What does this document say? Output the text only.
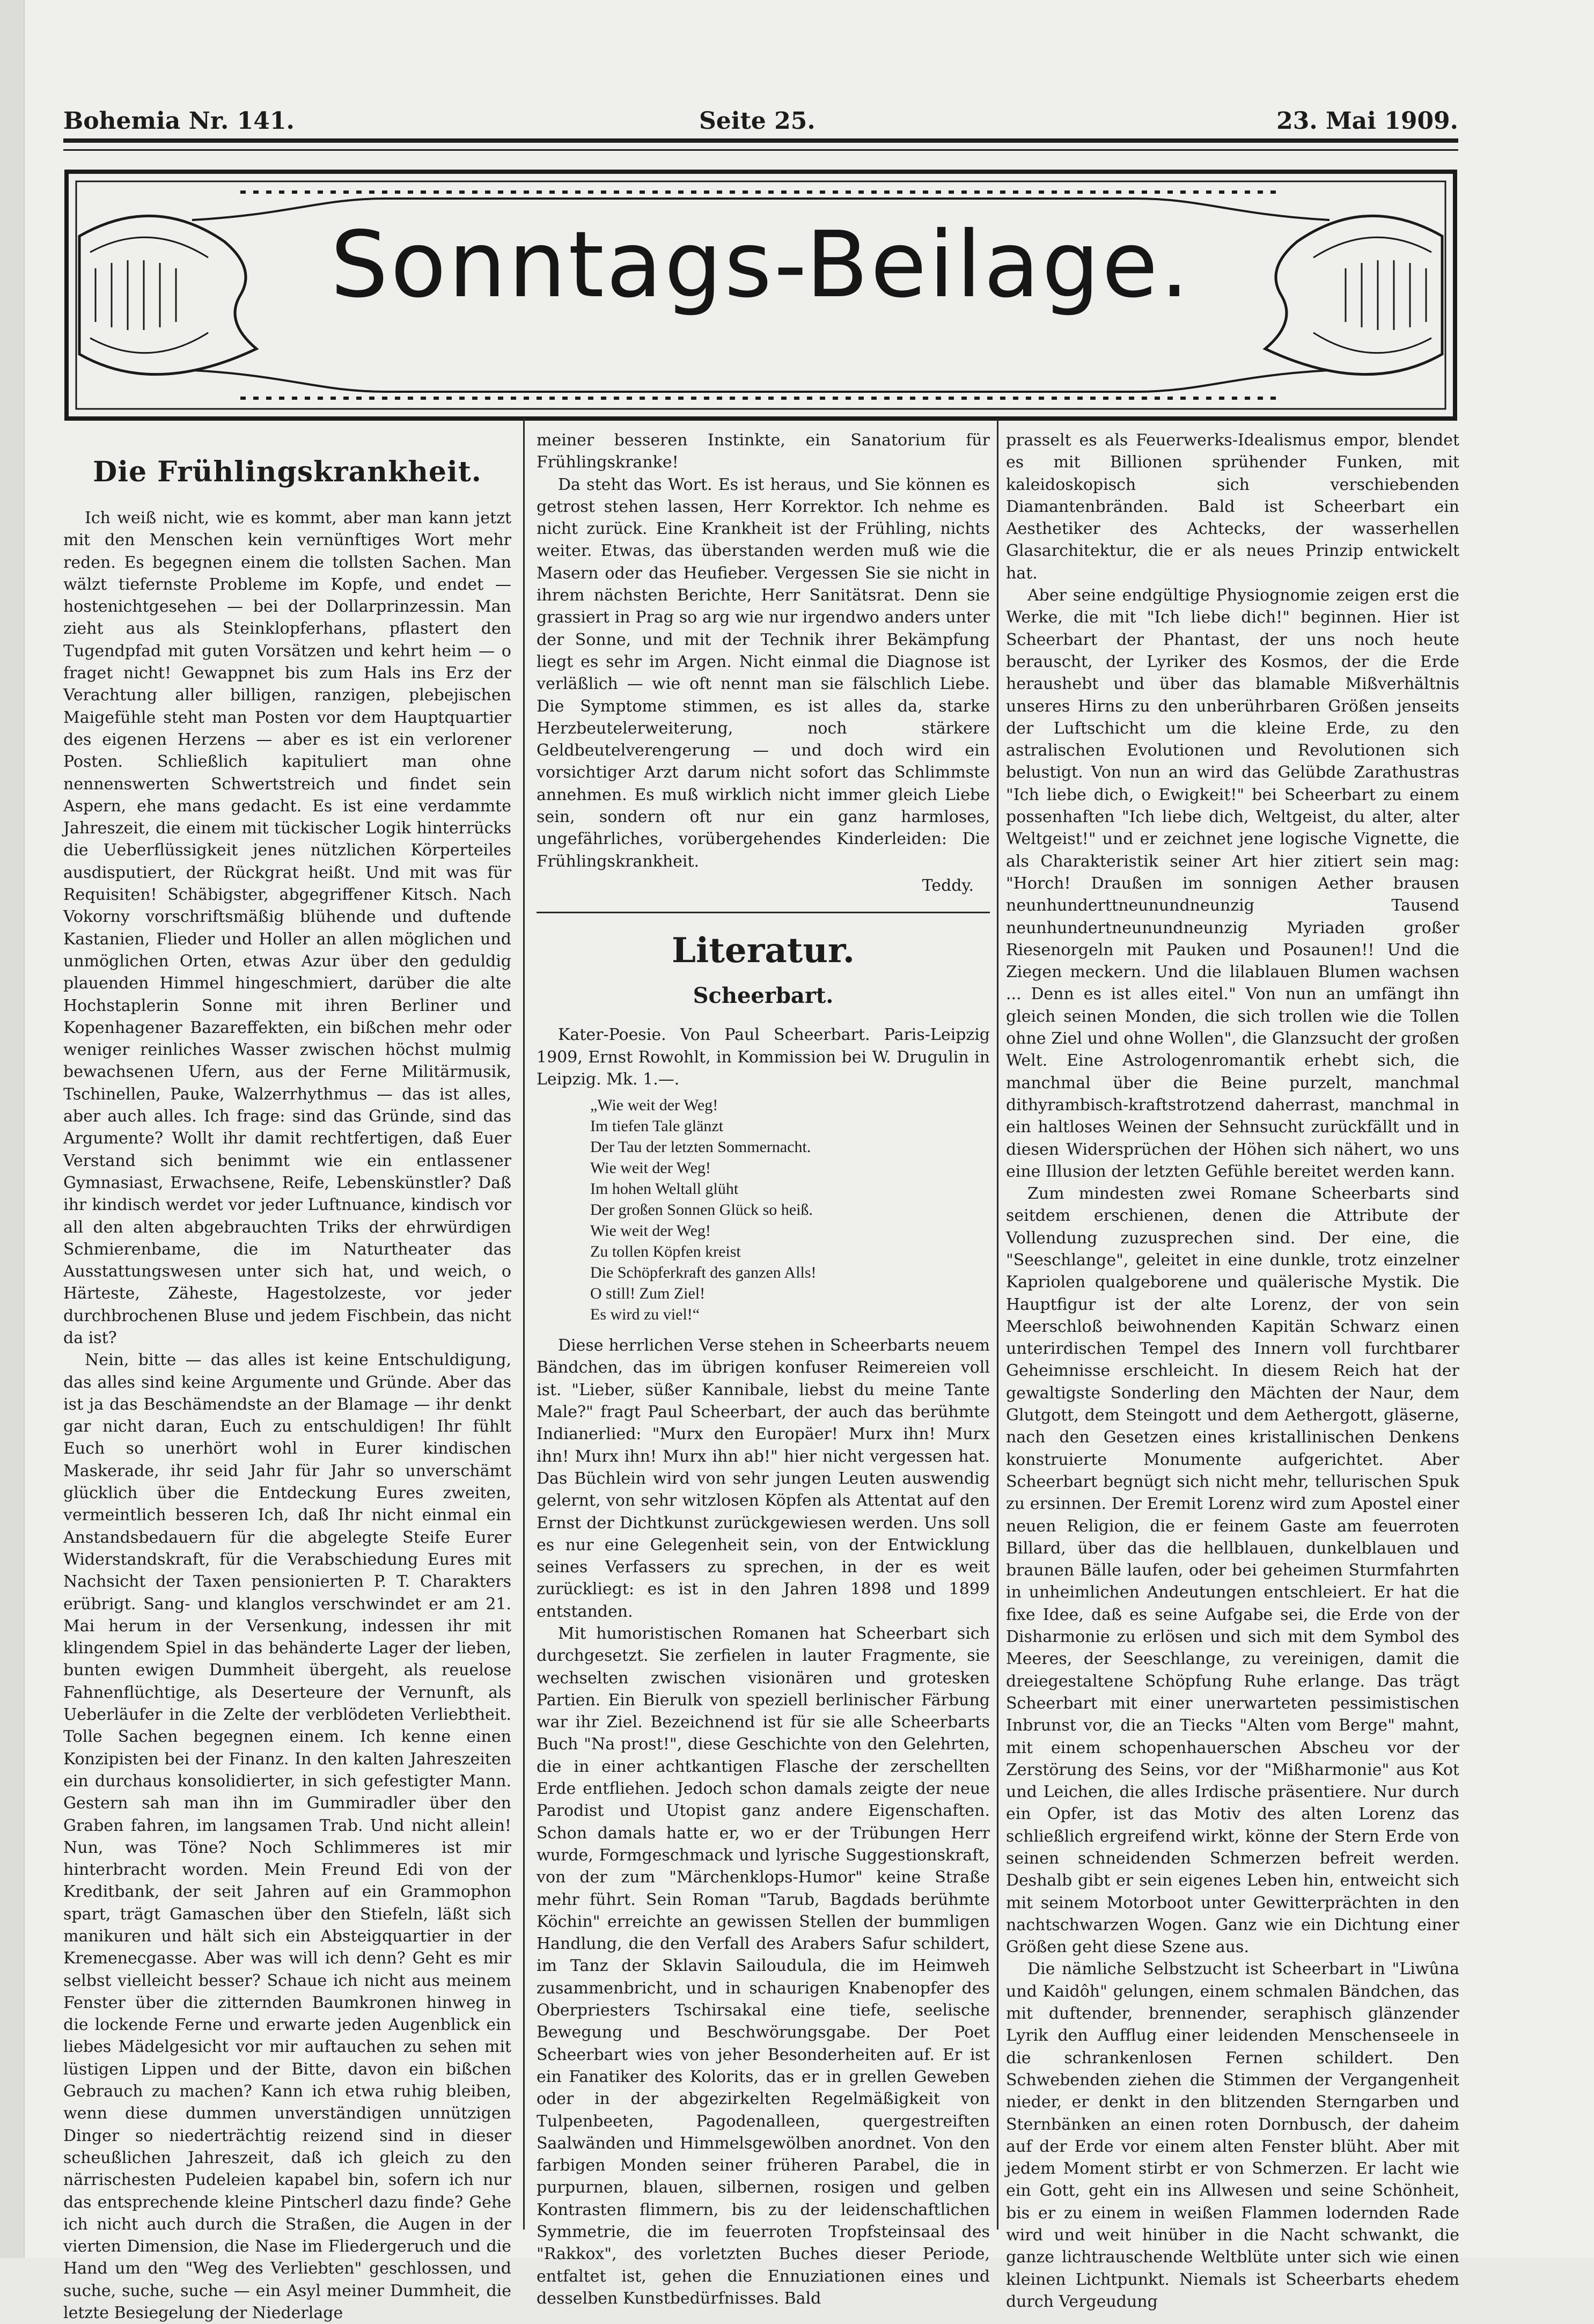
Bohemia Nr. 141.	Seite 25.	23. Mai 1909.
Sonntags-Beilage.
Die Frühlingskrankheit.

Ich weiß nicht, wie es kommt, aber man kann jetzt mit den Menschen kein vernünftiges Wort mehr reden. Es begegnen einem die tollsten Sachen. Man wälzt tiefernste Probleme im Kopfe, und endet — hostenichtgesehen — bei der Dollarprinzessin. Man zieht aus als Steinklopferhans, pflastert den Tugendpfad mit guten Vorsätzen und kehrt heim — o fraget nicht! Gewappnet bis zum Hals ins Erz der Verachtung aller billigen, ranzigen, plebejischen Maigefühle steht man Posten vor dem Hauptquartier des eigenen Herzens — aber es ist ein verlorener Posten. Schließlich kapituliert man ohne nennenswerten Schwertstreich und findet sein Aspern, ehe mans gedacht. Es ist eine verdammte Jahreszeit, die einem mit tückischer Logik hinterrücks die Ueberflüssigkeit jenes nützlichen Körperteiles ausdisputiert, der Rückgrat heißt. Und mit was für Requisiten! Schäbigster, abgegriffener Kitsch. Nach Vokorny vorschriftsmäßig blühende und duftende Kastanien, Flieder und Holler an allen möglichen und unmöglichen Orten, etwas Azur über den geduldig plauenden Himmel hingeschmiert, darüber die alte Hochstaplerin Sonne mit ihren Berliner und Kopenhagener Bazareffekten, ein bißchen mehr oder weniger reinliches Wasser zwischen höchst mulmig bewachsenen Ufern, aus der Ferne Militärmusik, Tschinellen, Pauke, Walzerrhythmus — das ist alles, aber auch alles. Ich frage: sind das Gründe, sind das Argumente? Wollt ihr damit rechtfertigen, daß Euer Verstand sich benimmt wie ein entlassener Gymnasiast, Erwachsene, Reife, Lebenskünstler? Daß ihr kindisch werdet vor jeder Luftnuance, kindisch vor all den alten abgebrauchten Triks der ehrwürdigen Schmierenbame, die im Naturtheater das Ausstattungswesen unter sich hat, und weich, o Härteste, Zäheste, Hagestolzeste, vor jeder durchbrochenen Bluse und jedem Fischbein, das nicht da ist?

Nein, bitte — das alles ist keine Entschuldigung, das alles sind keine Argumente und Gründe. Aber das ist ja das Beschämendste an der Blamage — ihr denkt gar nicht daran, Euch zu entschuldigen! Ihr fühlt Euch so unerhört wohl in Eurer kindischen Maskerade, ihr seid Jahr für Jahr so unverschämt glücklich über die Entdeckung Eures zweiten, vermeintlich besseren Ich, daß Ihr nicht einmal ein Anstandsbedauern für die abgelegte Steife Eurer Widerstandskraft, für die Verabschiedung Eures mit Nachsicht der Taxen pensionierten P. T. Charakters erübrigt. Sang- und klanglos verschwindet er am 21. Mai herum in der Versenkung, indessen ihr mit klingendem Spiel in das behänderte Lager der lieben, bunten ewigen Dummheit übergeht, als reuelose Fahnenflüchtige, als Deserteure der Vernunft, als Ueberläufer in die Zelte der verblödeten Verliebtheit. Tolle Sachen begegnen einem. Ich kenne einen Konzipisten bei der Finanz. In den kalten Jahreszeiten ein durchaus konsolidierter, in sich gefestigter Mann. Gestern sah man ihn im Gummiradler über den Graben fahren, im langsamen Trab. Und nicht allein! Nun, was Töne? Noch Schlimmeres ist mir hinterbracht worden. Mein Freund Edi von der Kreditbank, der seit Jahren auf ein Grammophon spart, trägt Gamaschen über den Stiefeln, läßt sich manikuren und hält sich ein Absteigquartier in der Kremenecgasse. Aber was will ich denn? Geht es mir selbst vielleicht besser? Schaue ich nicht aus meinem Fenster über die zitternden Baumkronen hinweg in die lockende Ferne und erwarte jeden Augenblick ein liebes Mädelgesicht vor mir auftauchen zu sehen mit lüstigen Lippen und der Bitte, davon ein bißchen Gebrauch zu machen? Kann ich etwa ruhig bleiben, wenn diese dummen unverständigen unnützigen Dinger so niederträchtig reizend sind in dieser scheußlichen Jahreszeit, daß ich gleich zu den närrischesten Pudeleien kapabel bin, sofern ich nur das entsprechende kleine Pintscherl dazu finde? Gehe ich nicht auch durch die Straßen, die Augen in der vierten Dimension, die Nase im Fliedergeruch und die Hand um den "Weg des Verliebten" geschlossen, und suche, suche, suche — ein Asyl meiner Dummheit, die letzte Besiegelung der Niederlage

meiner besseren Instinkte, ein Sanatorium für Frühlingskranke!

Da steht das Wort. Es ist heraus, und Sie können es getrost stehen lassen, Herr Korrektor. Ich nehme es nicht zurück. Eine Krankheit ist der Frühling, nichts weiter. Etwas, das überstanden werden muß wie die Masern oder das Heufieber. Vergessen Sie sie nicht in ihrem nächsten Berichte, Herr Sanitätsrat. Denn sie grassiert in Prag so arg wie nur irgendwo anders unter der Sonne, und mit der Technik ihrer Bekämpfung liegt es sehr im Argen. Nicht einmal die Diagnose ist verläßlich — wie oft nennt man sie fälschlich Liebe. Die Symptome stimmen, es ist alles da, starke Herzbeutelerweiterung, noch stärkere Geldbeutelverengerung — und doch wird ein vorsichtiger Arzt darum nicht sofort das Schlimmste annehmen. Es muß wirklich nicht immer gleich Liebe sein, sondern oft nur ein ganz harmloses, ungefährliches, vorübergehendes Kinderleiden: Die Frühlingskrankheit.

Teddy.
Literatur.
Scheerbart.

Kater-Poesie. Von Paul Scheerbart. Paris-Leipzig 1909, Ernst Rowohlt, in Kommission bei W. Drugulin in Leipzig. Mk. 1.—.

„Wie weit der Weg!
Im tiefen Tale glänzt
Der Tau der letzten Sommernacht.
Wie weit der Weg!
Im hohen Weltall glüht
Der großen Sonnen Glück so heiß.
Wie weit der Weg!
Zu tollen Köpfen kreist
Die Schöpferkraft des ganzen Alls!
O still! Zum Ziel!
Es wird zu viel!“

Diese herrlichen Verse stehen in Scheerbarts neuem Bändchen, das im übrigen konfuser Reimereien voll ist. "Lieber, süßer Kannibale, liebst du meine Tante Male?" fragt Paul Scheerbart, der auch das berühmte Indianerlied: "Murx den Europäer! Murx ihn! Murx ihn! Murx ihn! Murx ihn ab!" hier nicht vergessen hat. Das Büchlein wird von sehr jungen Leuten auswendig gelernt, von sehr witzlosen Köpfen als Attentat auf den Ernst der Dichtkunst zurückgewiesen werden. Uns soll es nur eine Gelegenheit sein, von der Entwicklung seines Verfassers zu sprechen, in der es weit zurückliegt: es ist in den Jahren 1898 und 1899 entstanden.

Mit humoristischen Romanen hat Scheerbart sich durchgesetzt. Sie zerfielen in lauter Fragmente, sie wechselten zwischen visionären und grotesken Partien. Ein Bierulk von speziell berlinischer Färbung war ihr Ziel. Bezeichnend ist für sie alle Scheerbarts Buch "Na prost!", diese Geschichte von den Gelehrten, die in einer achtkantigen Flasche der zerschellten Erde entfliehen. Jedoch schon damals zeigte der neue Parodist und Utopist ganz andere Eigenschaften. Schon damals hatte er, wo er der Trübungen Herr wurde, Formgeschmack und lyrische Suggestionskraft, von der zum "Märchenklops-Humor" keine Straße mehr führt. Sein Roman "Tarub, Bagdads berühmte Köchin" erreichte an gewissen Stellen der bummligen Handlung, die den Verfall des Arabers Safur schildert, im Tanz der Sklavin Sailoudula, die im Heimweh zusammenbricht, und in schaurigen Knabenopfer des Oberpriesters Tschirsakal eine tiefe, seelische Bewegung und Beschwörungsgabe. Der Poet Scheerbart wies von jeher Besonderheiten auf. Er ist ein Fanatiker des Kolorits, das er in grellen Geweben oder in der abgezirkelten Regelmäßigkeit von Tulpenbeeten, Pagodenalleen, quergestreiften Saalwänden und Himmelsgewölben anordnet. Von den farbigen Monden seiner früheren Parabel, die in purpurnen, blauen, silbernen, rosigen und gelben Kontrasten flimmern, bis zu der leidenschaftlichen Symmetrie, die im feuerroten Tropfsteinsaal des "Rakkox", des vorletzten Buches dieser Periode, entfaltet ist, gehen die Ennuziationen eines und desselben Kunstbedürfnisses. Bald

prasselt es als Feuerwerks-Idealismus empor, blendet es mit Billionen sprühender Funken, mit kaleidoskopisch sich verschiebenden Diamantenbränden. Bald ist Scheerbart ein Aesthetiker des Achtecks, der wasserhellen Glasarchitektur, die er als neues Prinzip entwickelt hat.

Aber seine endgültige Physiognomie zeigen erst die Werke, die mit "Ich liebe dich!" beginnen. Hier ist Scheerbart der Phantast, der uns noch heute berauscht, der Lyriker des Kosmos, der die Erde heraushebt und über das blamable Mißverhältnis unseres Hirns zu den unberührbaren Größen jenseits der Luftschicht um die kleine Erde, zu den astralischen Evolutionen und Revolutionen sich belustigt. Von nun an wird das Gelübde Zarathustras "Ich liebe dich, o Ewigkeit!" bei Scheerbart zu einem possenhaften "Ich liebe dich, Weltgeist, du alter, alter Weltgeist!" und er zeichnet jene logische Vignette, die als Charakteristik seiner Art hier zitiert sein mag: "Horch! Draußen im sonnigen Aether brausen neunhunderttneunundneunzig Tausend neunhundertneunundneunzig Myriaden großer Riesenorgeln mit Pauken und Posaunen!! Und die Ziegen meckern. Und die lilablauen Blumen wachsen ... Denn es ist alles eitel." Von nun an umfängt ihn gleich seinen Monden, die sich trollen wie die Tollen ohne Ziel und ohne Wollen", die Glanzsucht der großen Welt. Eine Astrologenromantik erhebt sich, die manchmal über die Beine purzelt, manchmal dithyrambisch-kraftstrotzend daherrast, manchmal in ein haltloses Weinen der Sehnsucht zurückfällt und in diesen Widersprüchen der Höhen sich nähert, wo uns eine Illusion der letzten Gefühle bereitet werden kann.

Zum mindesten zwei Romane Scheerbarts sind seitdem erschienen, denen die Attribute der Vollendung zuzusprechen sind. Der eine, die "Seeschlange", geleitet in eine dunkle, trotz einzelner Kapriolen qualgeborene und quälerische Mystik. Die Hauptfigur ist der alte Lorenz, der von sein Meerschloß beiwohnenden Kapitän Schwarz einen unterirdischen Tempel des Innern voll furchtbarer Geheimnisse erschleicht. In diesem Reich hat der gewaltigste Sonderling den Mächten der Naur, dem Glutgott, dem Steingott und dem Aethergott, gläserne, nach den Gesetzen eines kristallinischen Denkens konstruierte Monumente aufgerichtet. Aber Scheerbart begnügt sich nicht mehr, tellurischen Spuk zu ersinnen. Der Eremit Lorenz wird zum Apostel einer neuen Religion, die er feinem Gaste am feuerroten Billard, über das die hellblauen, dunkelblauen und braunen Bälle laufen, oder bei geheimen Sturmfahrten in unheimlichen Andeutungen entschleiert. Er hat die fixe Idee, daß es seine Aufgabe sei, die Erde von der Disharmonie zu erlösen und sich mit dem Symbol des Meeres, der Seeschlange, zu vereinigen, damit die dreiegestaltene Schöpfung Ruhe erlange. Das trägt Scheerbart mit einer unerwarteten pessimistischen Inbrunst vor, die an Tiecks "Alten vom Berge" mahnt, mit einem schopenhauerschen Abscheu vor der Zerstörung des Seins, vor der "Mißharmonie" aus Kot und Leichen, die alles Irdische präsentiere. Nur durch ein Opfer, ist das Motiv des alten Lorenz das schließlich ergreifend wirkt, könne der Stern Erde von seinen schneidenden Schmerzen befreit werden. Deshalb gibt er sein eigenes Leben hin, entweicht sich mit seinem Motorboot unter Gewitterprächten in den nachtschwarzen Wogen. Ganz wie ein Dichtung einer Größen geht diese Szene aus.

Die nämliche Selbstzucht ist Scheerbart in "Liwûna und Kaidôh" gelungen, einem schmalen Bändchen, das mit duftender, brennender, seraphisch glänzender Lyrik den Aufflug einer leidenden Menschenseele in die schrankenlosen Fernen schildert. Den Schwebenden ziehen die Stimmen der Vergangenheit nieder, er denkt in den blitzenden Sterngarben und Sternbänken an einen roten Dornbusch, der daheim auf der Erde vor einem alten Fenster blüht. Aber mit jedem Moment stirbt er von Schmerzen. Er lacht wie ein Gott, geht ein ins Allwesen und seine Schönheit, bis er zu einem in weißen Flammen lodernden Rade wird und weit hinüber in die Nacht schwankt, die ganze lichtrauschende Weltblüte unter sich wie einen kleinen Lichtpunkt. Niemals ist Scheerbarts ehedem durch Vergeudung
